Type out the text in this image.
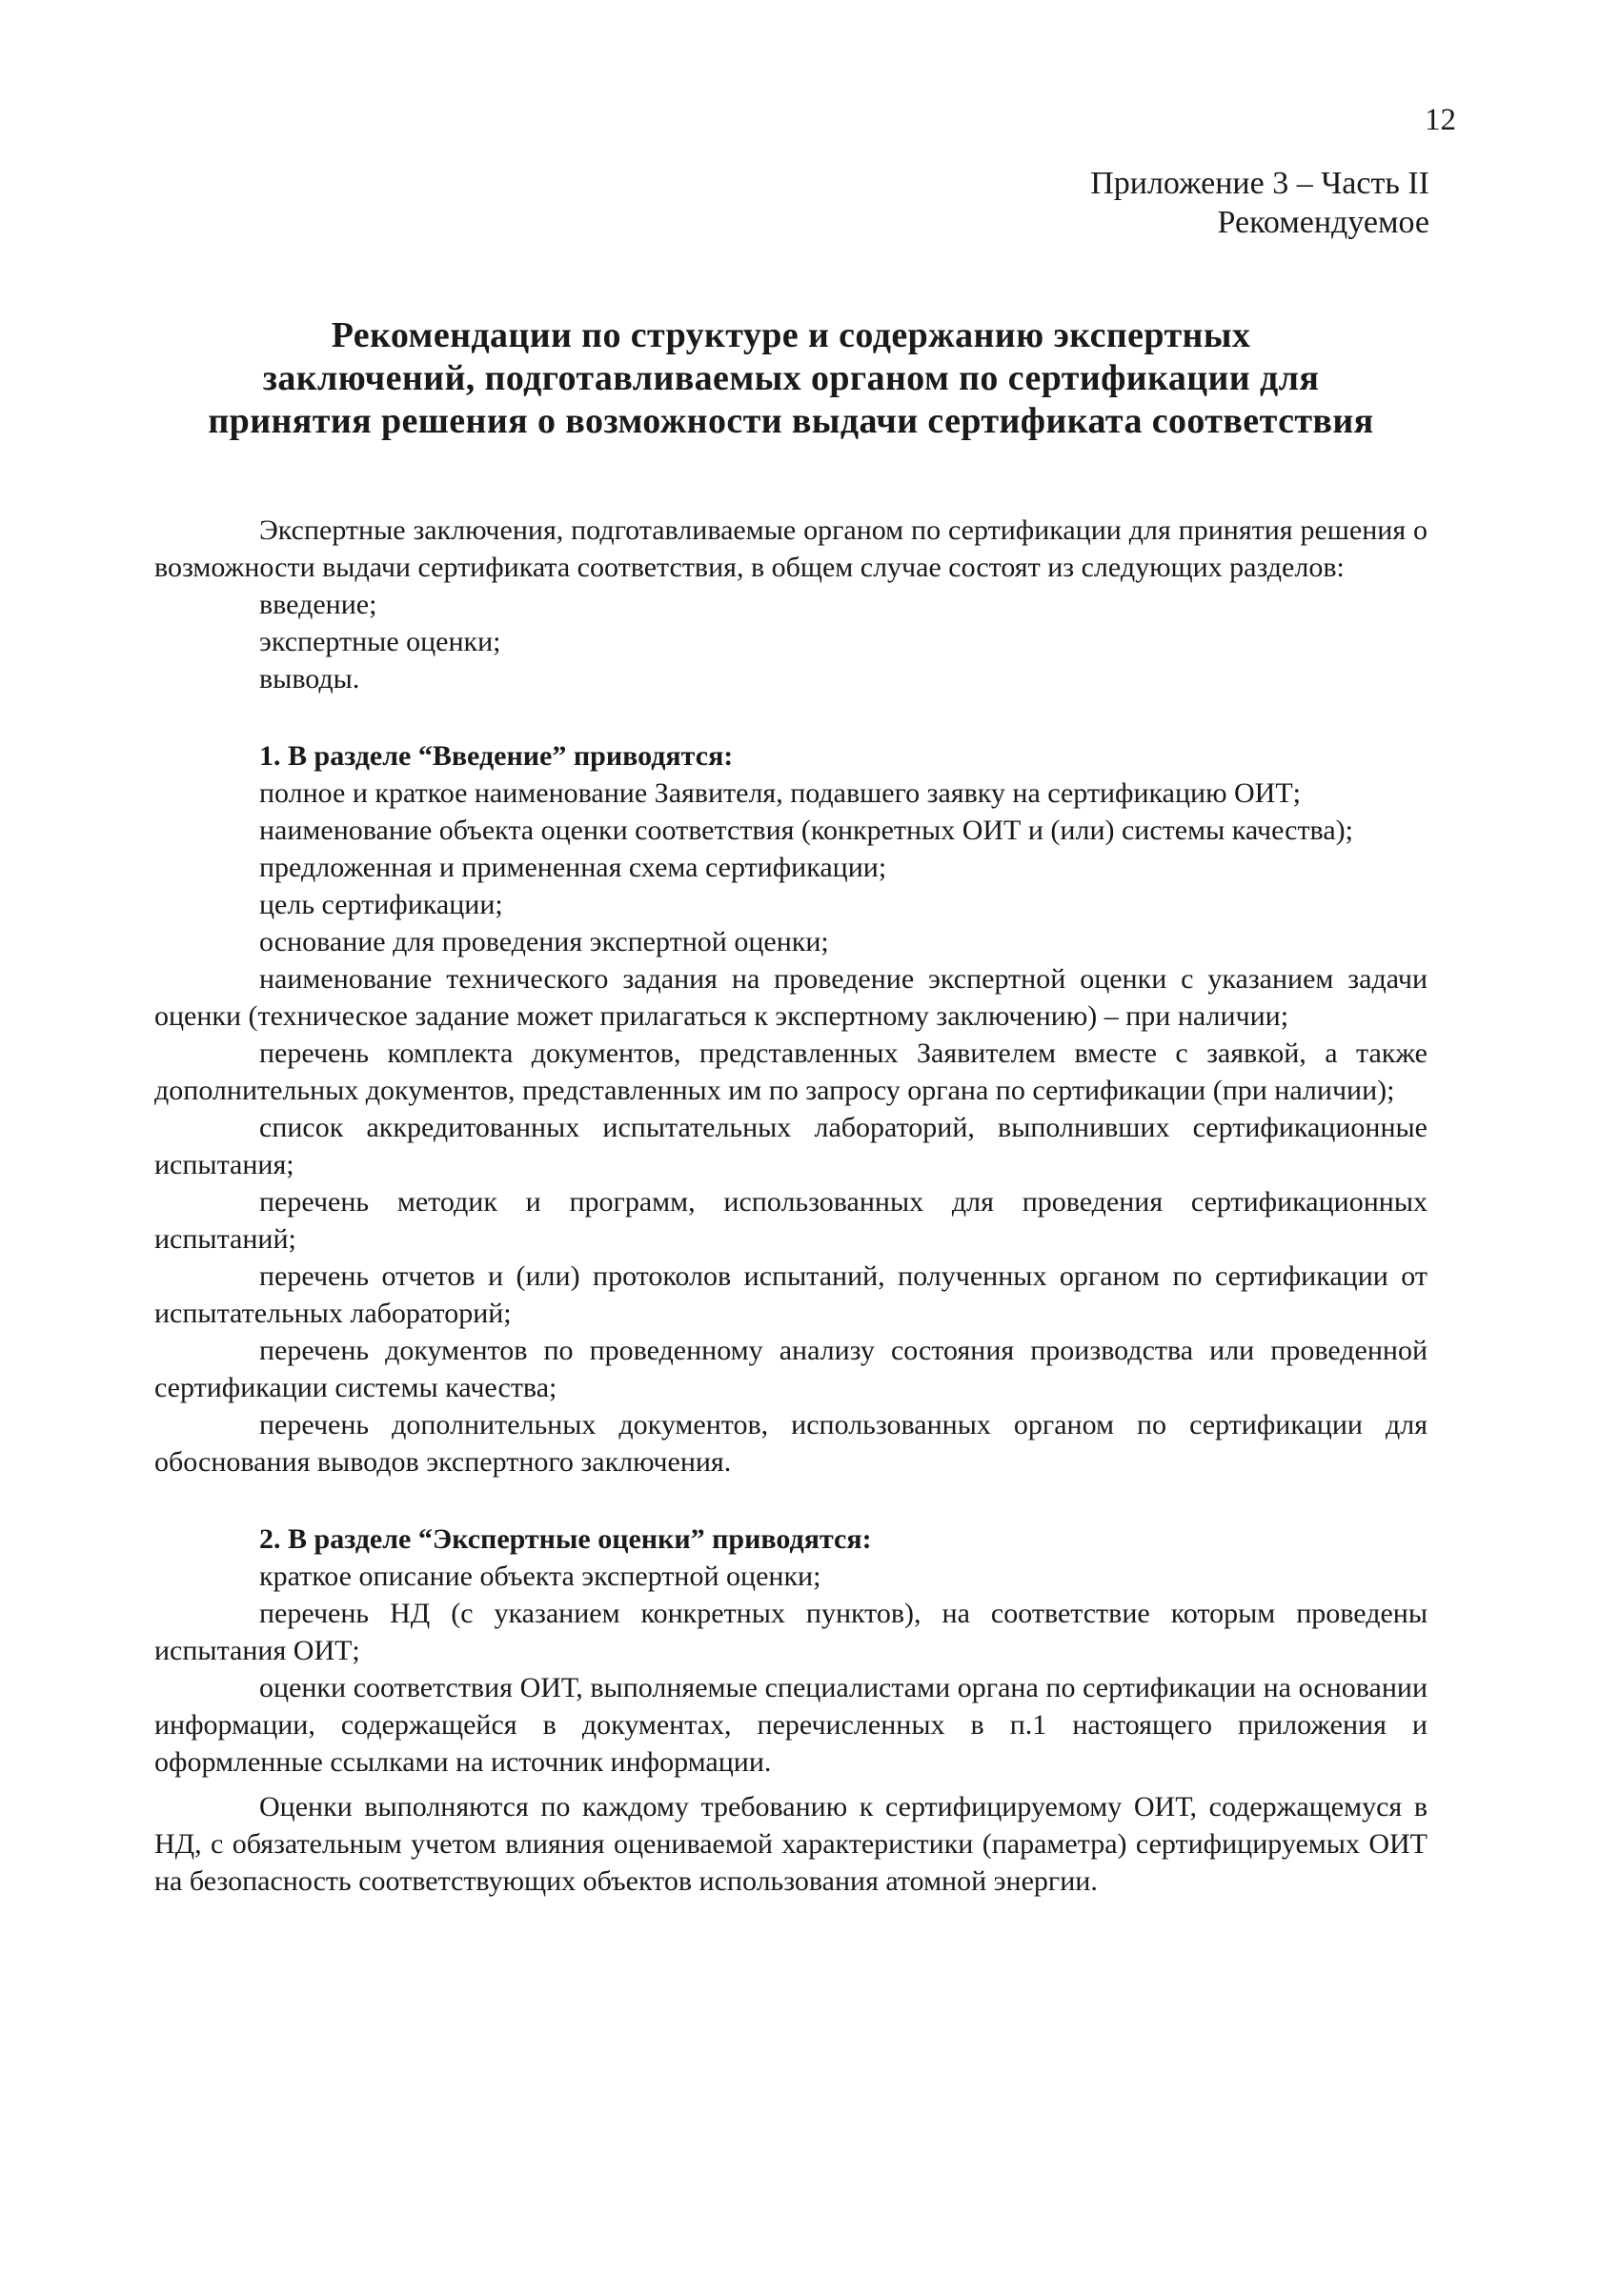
12
Приложение 3 – Часть II
Рекомендуемое
Рекомендации по структуре и содержанию экспертных
заключений, подготавливаемых органом по сертификации для
принятия решения о возможности выдачи сертификата соответствия

Экспертные заключения, подготавливаемые органом по сертификации для принятия решения о возможности выдачи сертификата соответствия, в общем случае состоят из следующих разделов:

введение;

экспертные оценки;

выводы.

1. В разделе “Введение” приводятся:

полное и краткое наименование Заявителя, подавшего заявку на сертификацию ОИТ;

наименование объекта оценки соответствия (конкретных ОИТ и (или) системы качества);

предложенная и примененная схема сертификации;

цель сертификации;

основание для проведения экспертной оценки;

наименование технического задания на проведение экспертной оценки с указанием задачи оценки (техническое задание может прилагаться к экспертному заключению) – при наличии;

перечень комплекта документов, представленных Заявителем вместе с заявкой, а также дополнительных документов, представленных им по запросу органа по сертификации (при наличии);

список аккредитованных испытательных лабораторий, выполнивших сертификационные испытания;

перечень методик и программ, использованных для проведения сертификационных испытаний;

перечень отчетов и (или) протоколов испытаний, полученных органом по сертификации от испытательных лабораторий;

перечень документов по проведенному анализу состояния производства или проведенной сертификации системы качества;

перечень дополнительных документов, использованных органом по сертификации для обоснования выводов экспертного заключения.

2. В разделе “Экспертные оценки” приводятся:

краткое описание объекта экспертной оценки;

перечень НД (с указанием конкретных пунктов), на соответствие которым проведены испытания ОИТ;

оценки соответствия ОИТ, выполняемые специалистами органа по сертификации на основании информации, содержащейся в документах, перечисленных в п.1 настоящего приложения и оформленные ссылками на источник информации.

Оценки выполняются по каждому требованию к сертифицируемому ОИТ, содержащемуся в НД, с обязательным учетом влияния оцениваемой характеристики (параметра) сертифицируемых ОИТ на безопасность соответствующих объектов использования атомной энергии.
